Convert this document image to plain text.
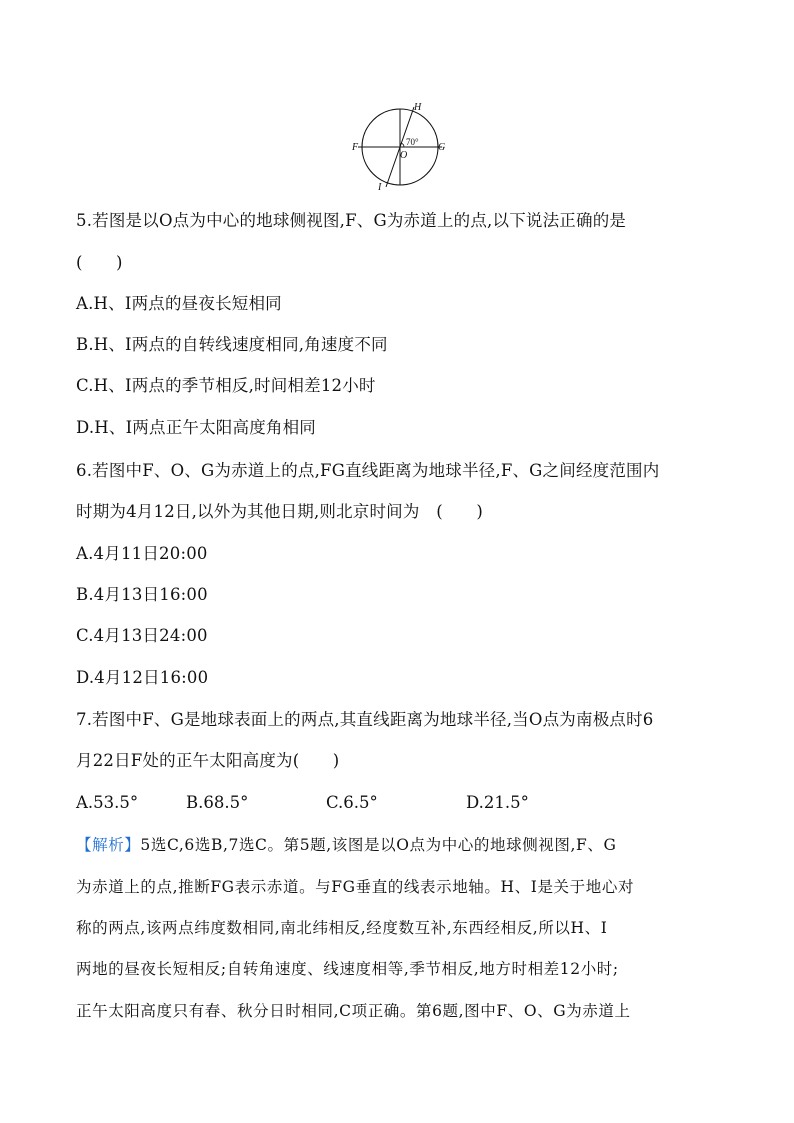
H
I
F	G
O
70°
5.若图是以O点为中心的地球侧视图,F、G为赤道上的点,以下说法正确的是
(　　)
A.H、I两点的昼夜长短相同
B.H、I两点的自转线速度相同,角速度不同
C.H、I两点的季节相反,时间相差12小时
D.H、I两点正午太阳高度角相同
6.若图中F、O、G为赤道上的点,FG直线距离为地球半径,F、G之间经度范围内
时期为4月12日,以外为其他日期,则北京时间为　(　　)
A.4月11日20:00
B.4月13日16:00
C.4月13日24:00
D.4月12日16:00
7.若图中F、G是地球表面上的两点,其直线距离为地球半径,当O点为南极点时6
月22日F处的正午太阳高度为(　　)
A.53.5°	B.68.5°	C.6.5°	D.21.5°
【解析】5选C,6选B,7选C。第5题,该图是以O点为中心的地球侧视图,F、G
为赤道上的点,推断FG表示赤道。与FG垂直的线表示地轴。H、I是关于地心对
称的两点,该两点纬度数相同,南北纬相反,经度数互补,东西经相反,所以H、I
两地的昼夜长短相反;自转角速度、线速度相等,季节相反,地方时相差12小时;
正午太阳高度只有春、秋分日时相同,C项正确。第6题,图中F、O、G为赤道上
